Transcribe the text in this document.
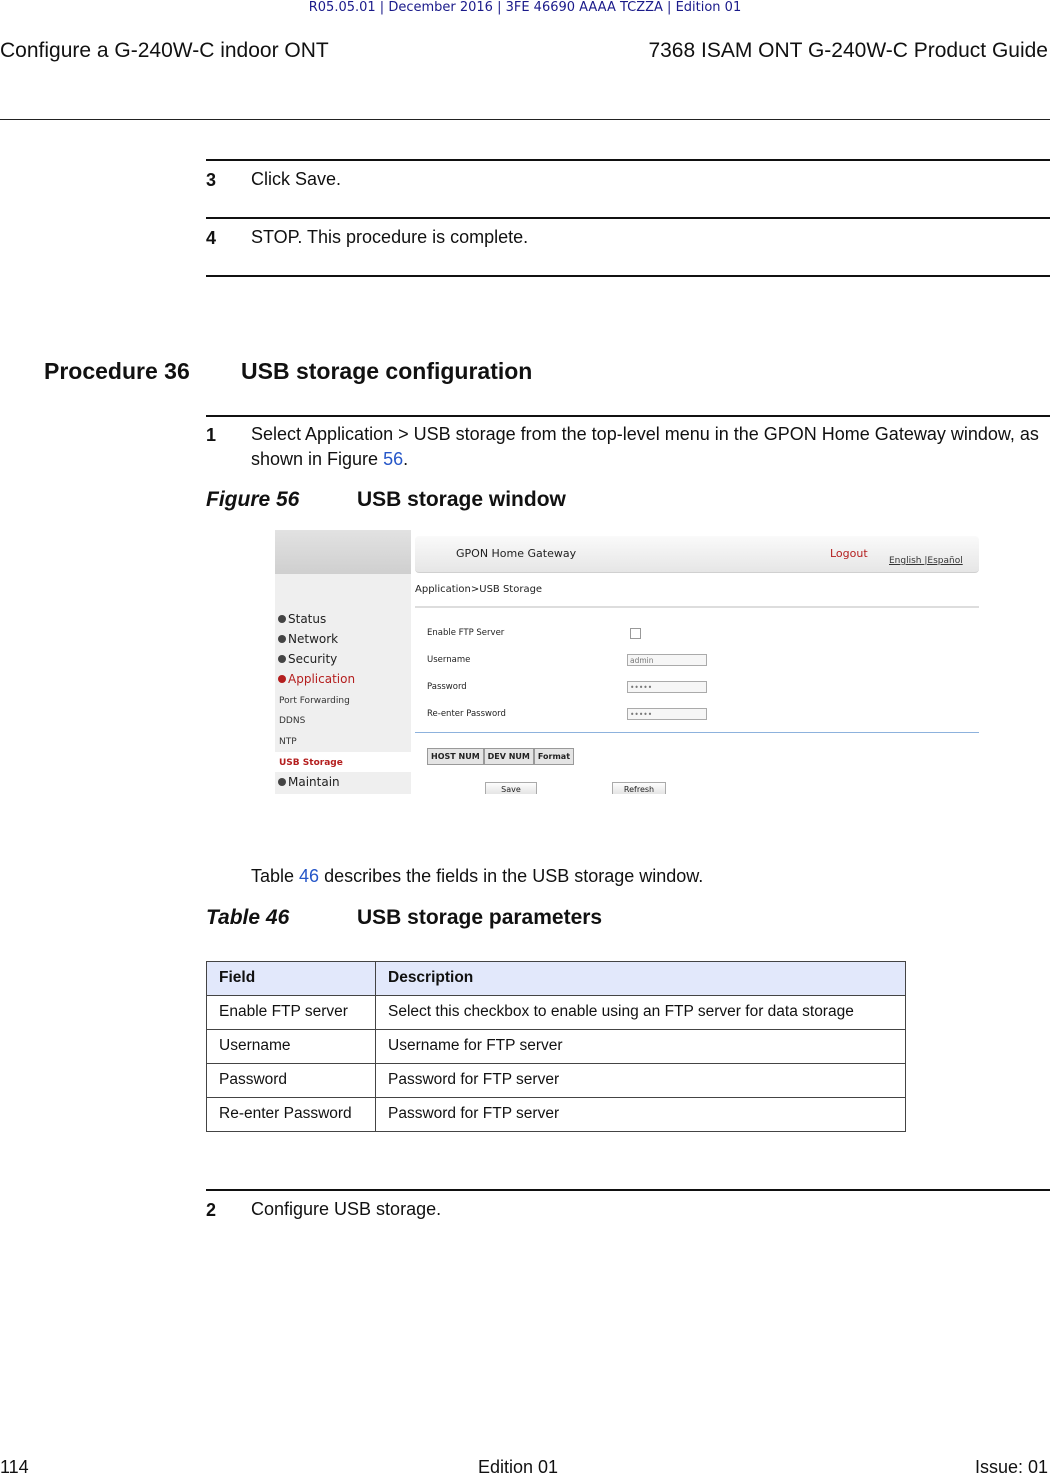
R05.05.01 | December 2016 | 3FE 46690 AAAA TCZZA | Edition 01
Configure a G-240W-C indoor ONT	7368 ISAM ONT G-240W-C Product Guide
3 Click Save.
4 STOP. This procedure is complete.
Procedure 36 USB storage configuration
1 Select Application > USB storage from the top-level menu in the GPON Home Gateway window, as shown in Figure 56.
Figure 56	USB storage window
Status
Network
Security
Application
Port Forwarding
DDNS
NTP
USB Storage
Maintain
GPON Home Gateway	Logout
English |Español
Application>USB Storage
Enable FTP Server
Username	admin
Password	•••••
Re-enter Password	•••••
HOST NUM	DEV NUM	Format
Save	Refresh
Table 46 describes the fields in the USB storage window.
Table 46	USB storage parameters
Field	Description
Enable FTP server	Select this checkbox to enable using an FTP server for data storage
Username	Username for FTP server
Password	Password for FTP server
Re-enter Password	Password for FTP server
2 Configure USB storage.
114	Edition 01	Issue: 01
